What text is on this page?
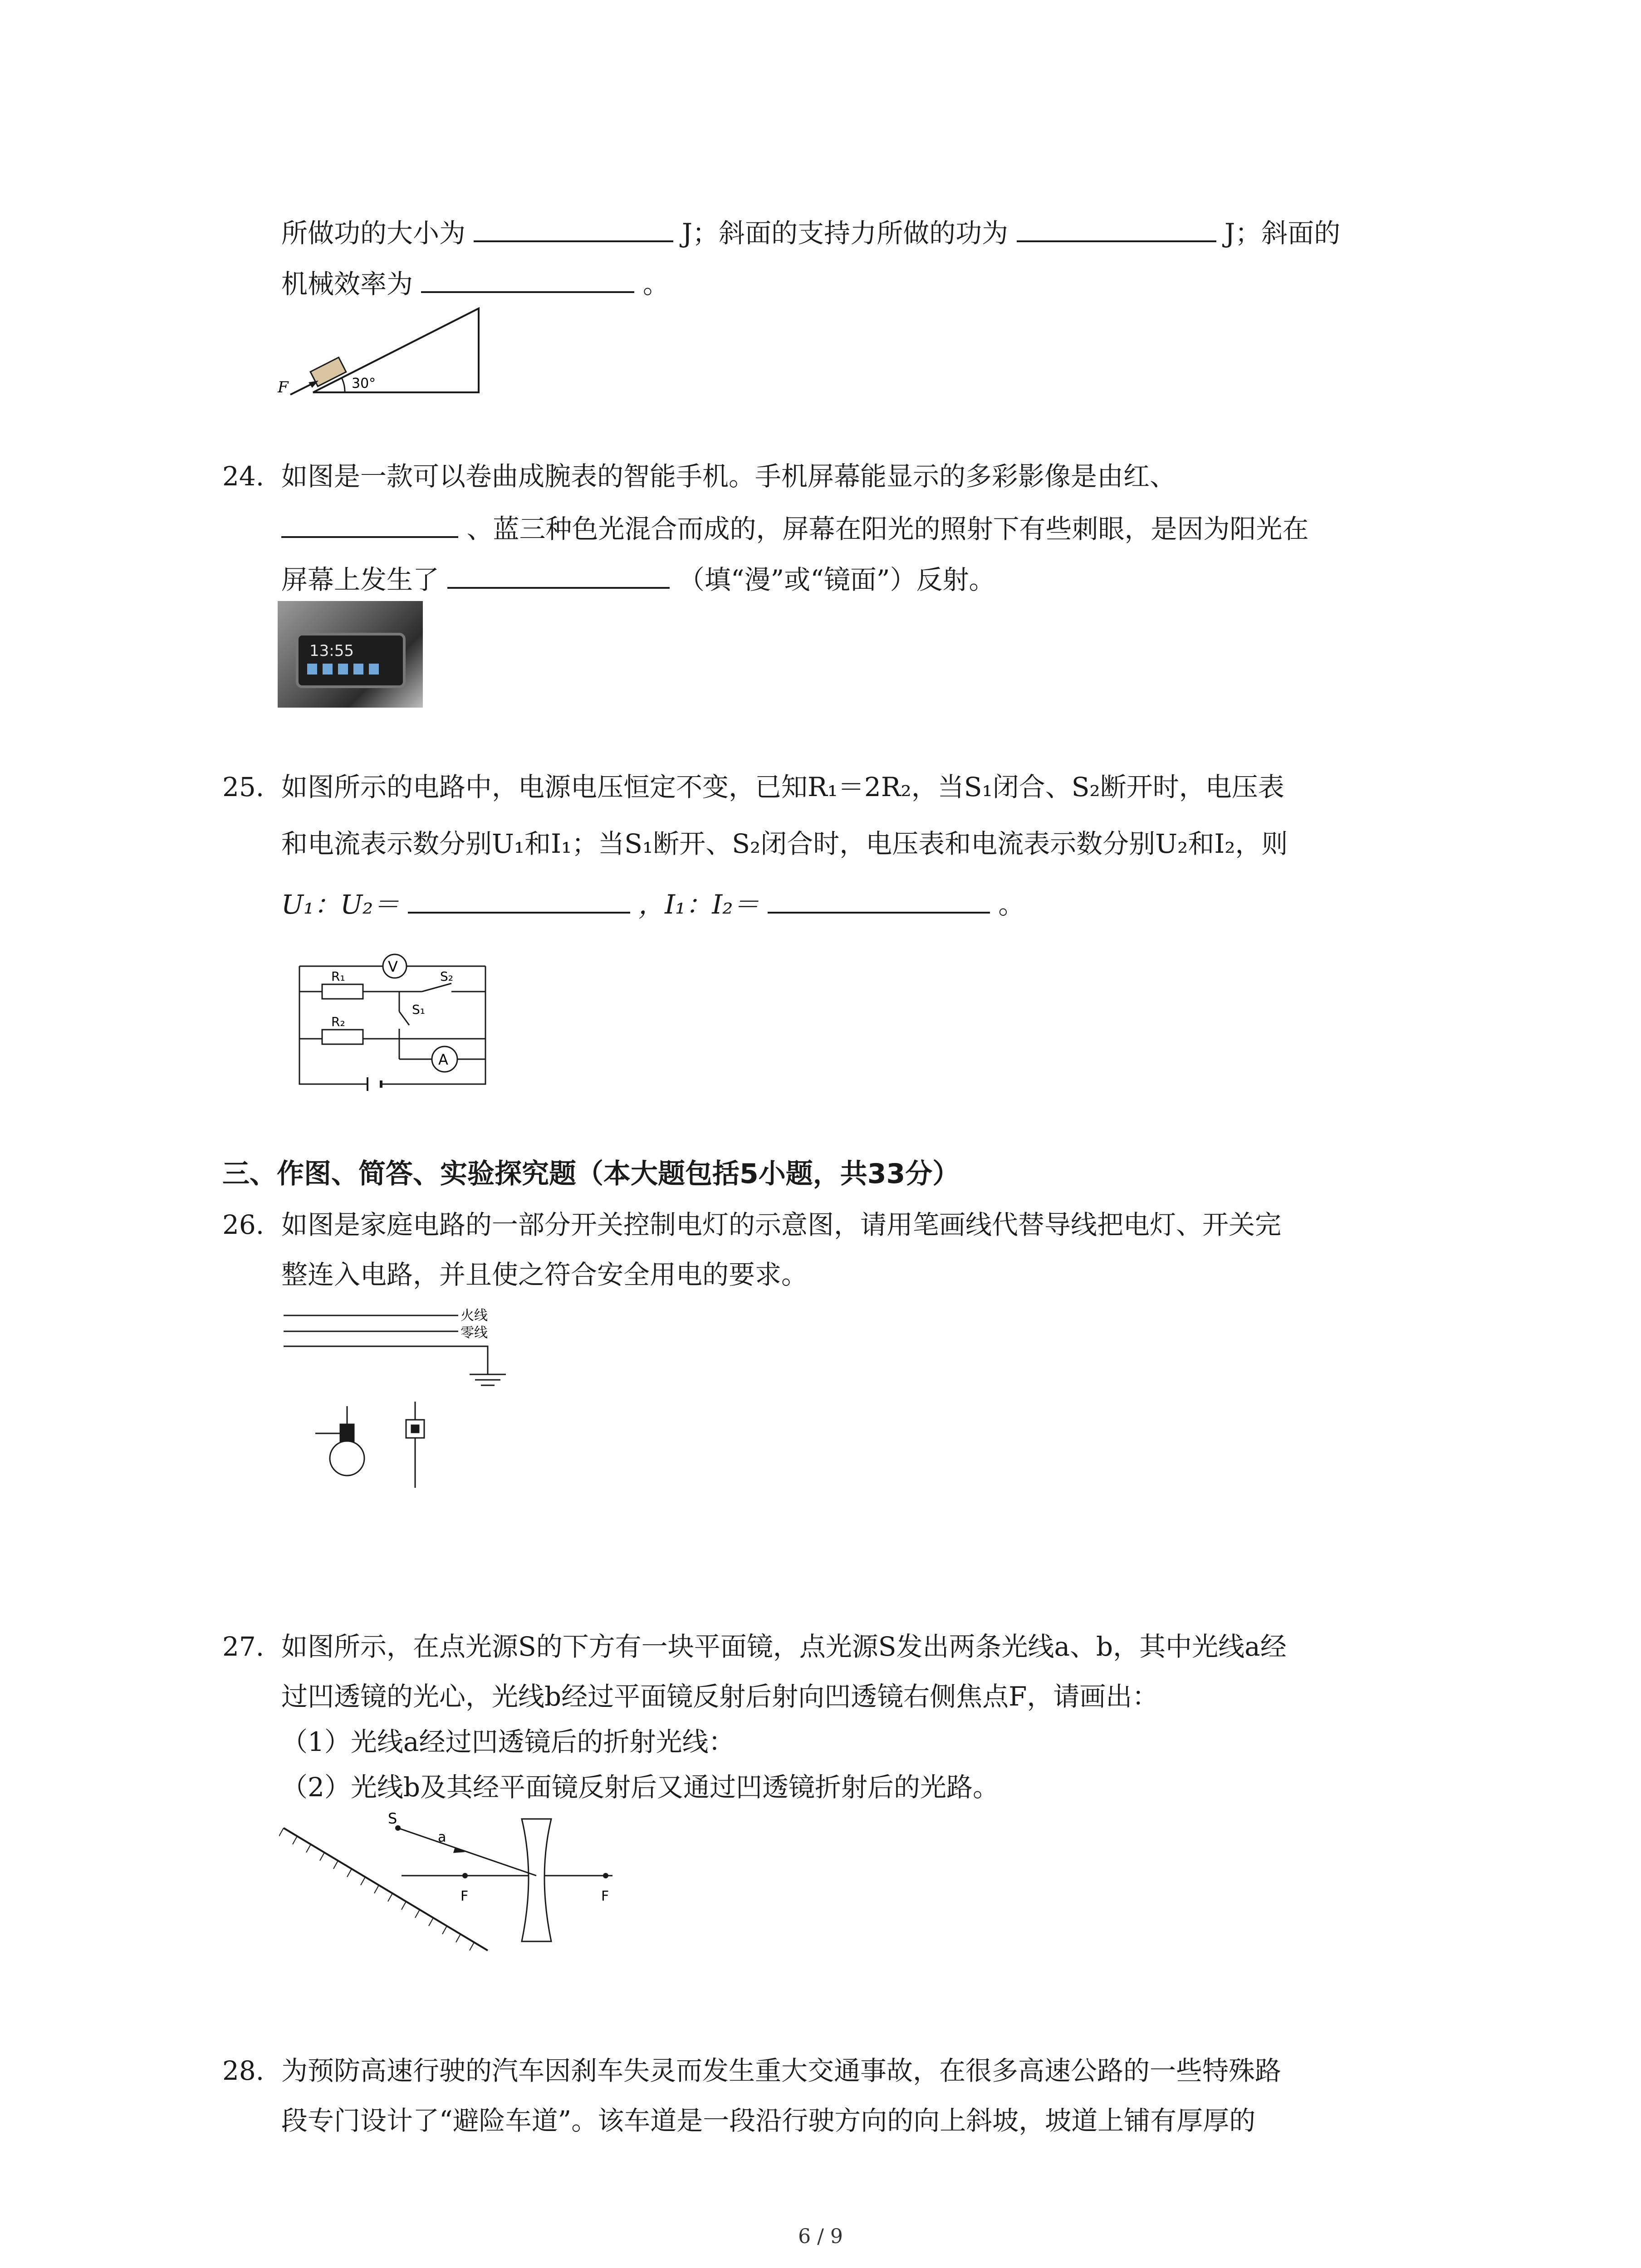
所做功的大小为	J；斜面的支持力所做的功为	J；斜面的
机械效率为	。
F	30°
24. 如图是一款可以卷曲成腕表的智能手机。手机屏幕能显示的多彩影像是由红、
、蓝三种色光混合而成的，屏幕在阳光的照射下有些刺眼，是因为阳光在
屏幕上发生了	（填“漫”或“镜面”）反射。
13:55
25. 如图所示的电路中，电源电压恒定不变，已知R₁＝2R₂，当S₁闭合、S₂断开时，电压表
和电流表示数分别U₁和I₁；当S₁断开、S₂闭合时，电压表和电流表示数分别U₂和I₂，则
U₁：U₂＝	，I₁：I₂＝	。
V
A
R₁
R₂
S₁
S₂
三、作图、简答、实验探究题（本大题包括5小题，共33分）
26. 如图是家庭电路的一部分开关控制电灯的示意图，请用笔画线代替导线把电灯、开关完
整连入电路，并且使之符合安全用电的要求。
火线
零线
27. 如图所示，在点光源S的下方有一块平面镜，点光源S发出两条光线a、b，其中光线a经
过凹透镜的光心，光线b经过平面镜反射后射向凹透镜右侧焦点F，请画出：
（1）光线a经过凹透镜后的折射光线：
（2）光线b及其经平面镜反射后又通过凹透镜折射后的光路。
S
a
F	F
28. 为预防高速行驶的汽车因刹车失灵而发生重大交通事故，在很多高速公路的一些特殊路
段专门设计了“避险车道”。该车道是一段沿行驶方向的向上斜坡，坡道上铺有厚厚的
6 / 9
